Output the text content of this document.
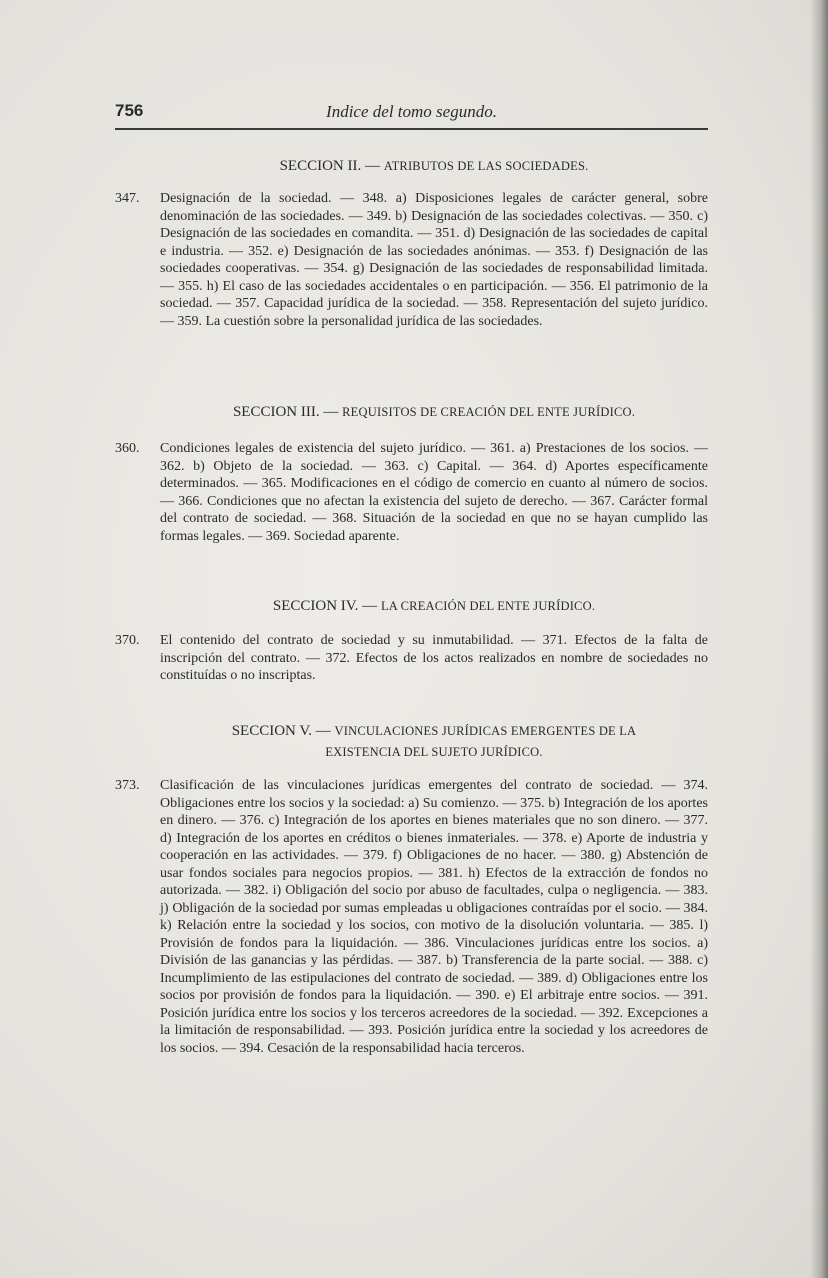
756	Indice del tomo segundo.
SECCION II. — ATRIBUTOS DE LAS SOCIEDADES.
347. Designación de la sociedad. — 348. a) Disposiciones legales de carácter general, sobre denominación de las sociedades. — 349. b) Designación de las sociedades colectivas. — 350. c) Designación de las sociedades en comandita. — 351. d) Designación de las sociedades de capital e industria. — 352. e) Designación de las sociedades anónimas. — 353. f) Designación de las sociedades cooperativas. — 354. g) Designación de las sociedades de responsabilidad limitada. — 355. h) El caso de las sociedades accidentales o en participación. — 356. El patrimonio de la sociedad. — 357. Capacidad jurídica de la sociedad. — 358. Representación del sujeto jurídico. — 359. La cuestión sobre la personalidad jurídica de las sociedades.
SECCION III. — REQUISITOS DE CREACIÓN DEL ENTE JURÍDICO.
360. Condiciones legales de existencia del sujeto jurídico. — 361. a) Prestaciones de los socios. — 362. b) Objeto de la sociedad. — 363. c) Capital. — 364. d) Aportes específicamente determinados. — 365. Modificaciones en el código de comercio en cuanto al número de socios. — 366. Condiciones que no afectan la existencia del sujeto de derecho. — 367. Carácter formal del contrato de sociedad. — 368. Situación de la sociedad en que no se hayan cumplido las formas legales. — 369. Sociedad aparente.
SECCION IV. — LA CREACIÓN DEL ENTE JURÍDICO.
370. El contenido del contrato de sociedad y su inmutabilidad. — 371. Efectos de la falta de inscripción del contrato. — 372. Efectos de los actos realizados en nombre de sociedades no constituídas o no inscriptas.
SECCION V. — VINCULACIONES JURÍDICAS EMERGENTES DE LA
EXISTENCIA DEL SUJETO JURÍDICO.
373. Clasificación de las vinculaciones jurídicas emergentes del contrato de sociedad. — 374. Obligaciones entre los socios y la sociedad: a) Su comienzo. — 375. b) Integración de los aportes en dinero. — 376. c) Integración de los aportes en bienes materiales que no son dinero. — 377. d) Integración de los aportes en créditos o bienes inmateriales. — 378. e) Aporte de industria y cooperación en las actividades. — 379. f) Obligaciones de no hacer. — 380. g) Abstención de usar fondos sociales para negocios propios. — 381. h) Efectos de la extracción de fondos no autorizada. — 382. i) Obligación del socio por abuso de facultades, culpa o negligencia. — 383. j) Obligación de la sociedad por sumas empleadas u obligaciones contraídas por el socio. — 384. k) Relación entre la sociedad y los socios, con motivo de la disolución voluntaria. — 385. l) Provisión de fondos para la liquidación. — 386. Vinculaciones jurídicas entre los socios. a) División de las ganancias y las pérdidas. — 387. b) Transferencia de la parte social. — 388. c) Incumplimiento de las estipulaciones del contrato de sociedad. — 389. d) Obligaciones entre los socios por provisión de fondos para la liquidación. — 390. e) El arbitraje entre socios. — 391. Posición jurídica entre los socios y los terceros acreedores de la sociedad. — 392. Excepciones a la limitación de responsabilidad. — 393. Posición jurídica entre la sociedad y los acreedores de los socios. — 394. Cesación de la responsabilidad hacia terceros.
